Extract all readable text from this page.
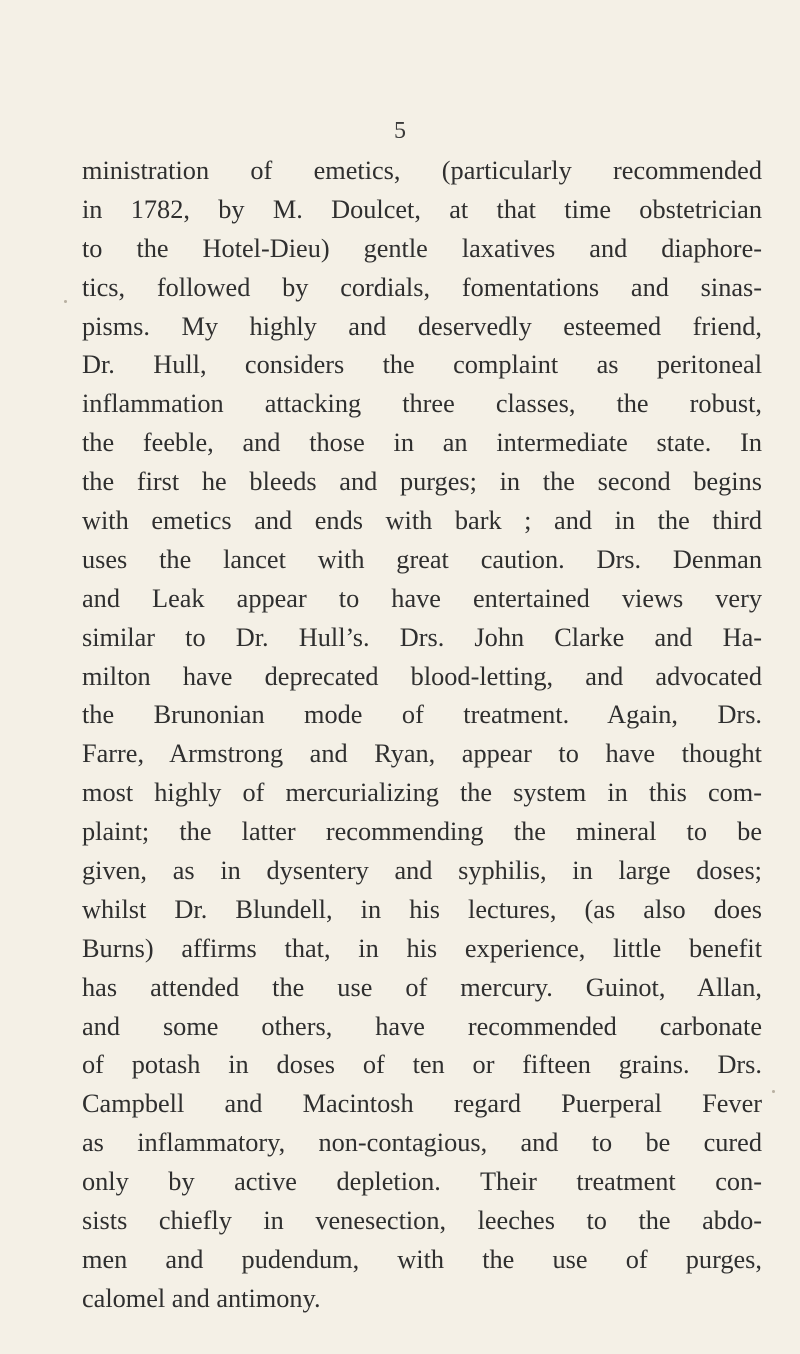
5
ministration of emetics, (particularly recommended
in 1782, by M. Doulcet, at that time obstetrician
to the Hotel-Dieu) gentle laxatives and diaphore-
tics, followed by cordials, fomentations and sinas-
pisms. My highly and deservedly esteemed friend,
Dr. Hull, considers the complaint as peritoneal
inflammation attacking three classes, the robust,
the feeble, and those in an intermediate state. In
the first he bleeds and purges; in the second begins
with emetics and ends with bark ; and in the third
uses the lancet with great caution. Drs. Denman
and Leak appear to have entertained views very
similar to Dr. Hull’s. Drs. John Clarke and Ha-
milton have deprecated blood-letting, and advocated
the Brunonian mode of treatment. Again, Drs.
Farre, Armstrong and Ryan, appear to have thought
most highly of mercurializing the system in this com-
plaint; the latter recommending the mineral to be
given, as in dysentery and syphilis, in large doses;
whilst Dr. Blundell, in his lectures, (as also does
Burns) affirms that, in his experience, little benefit
has attended the use of mercury. Guinot, Allan,
and some others, have recommended carbonate
of potash in doses of ten or fifteen grains. Drs.
Campbell and Macintosh regard Puerperal Fever
as inflammatory, non-contagious, and to be cured
only by active depletion. Their treatment con-
sists chiefly in venesection, leeches to the abdo-
men and pudendum, with the use of purges,
calomel and antimony.
